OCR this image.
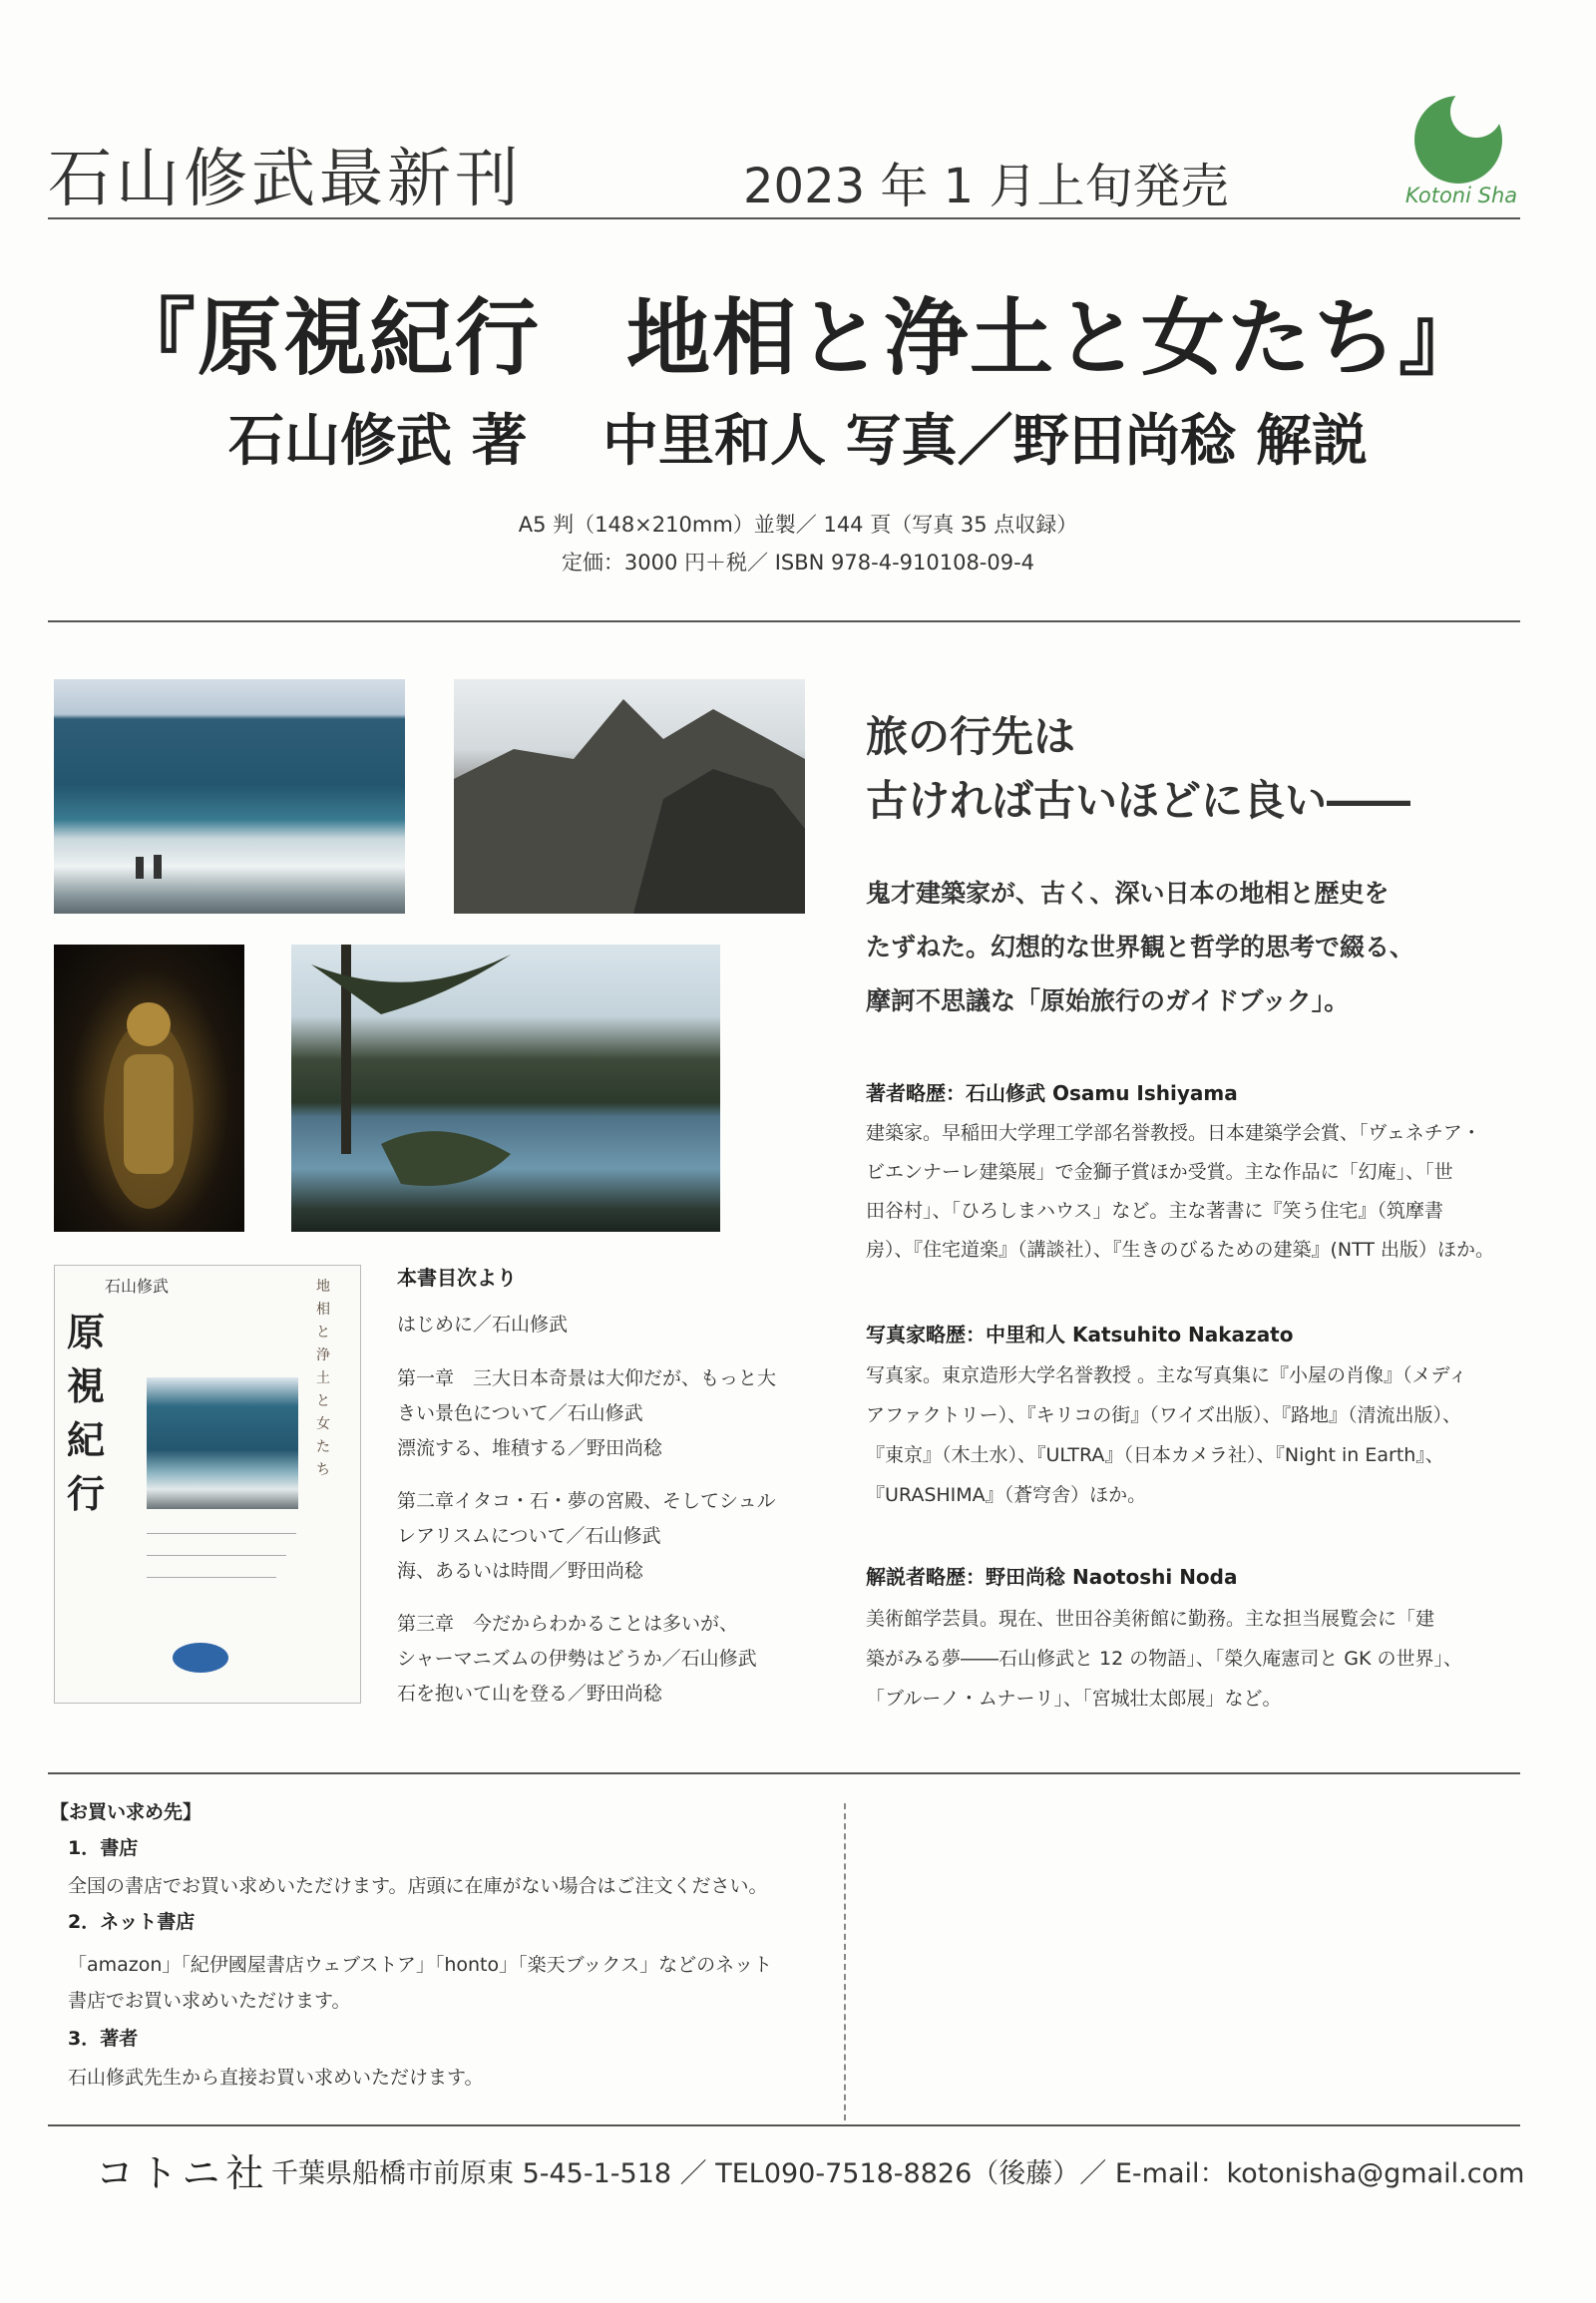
石山修武最新刊	2023 年 1 月上旬発売	Kotoni Sha
『原視紀行　地相と浄土と女たち』
石山修武 著　 中里和人 写真／野田尚稔 解説
A5 判（148×210mm）並製／ 144 頁（写真 35 点収録）
定価：3000 円＋税／ ISBN 978-4-910108-09-4
石山修武
原視紀行
地相と浄土と女たち
本書目次より
はじめに／石山修武
第一章　三大日本奇景は大仰だが、もっと大
きい景色について／石山修武
漂流する、堆積する／野田尚稔
第二章イタコ・石・夢の宮殿、そしてシュル
レアリスムについて／石山修武
海、あるいは時間／野田尚稔
第三章　今だからわかることは多いが、
シャーマニズムの伊勢はどうか／石山修武
石を抱いて山を登る／野田尚稔
旅の行先は
古ければ古いほどに良い――
鬼才建築家が、古く、深い日本の地相と歴史を
たずねた。幻想的な世界観と哲学的思考で綴る、
摩訶不思議な「原始旅行のガイドブック」。
著者略歴：石山修武 Osamu Ishiyama
建築家。早稲田大学理工学部名誉教授。日本建築学会賞、「ヴェネチア・
ビエンナーレ建築展」で金獅子賞ほか受賞。主な作品に「幻庵」、「世
田谷村」、「ひろしまハウス」など。主な著書に『笑う住宅』（筑摩書
房）、『住宅道楽』（講談社）、『生きのびるための建築』(NTT 出版）ほか。
写真家略歴：中里和人 Katsuhito Nakazato
写真家。東京造形大学名誉教授 。主な写真集に『小屋の肖像』（メディ
アファクトリー）、『キリコの街』（ワイズ出版）、『路地』（清流出版）、
『東京』（木土水）、『ULTRA』（日本カメラ社）、『Night in Earth』、
『URASHIMA』（蒼穹舎）ほか。
解説者略歴：野田尚稔 Naotoshi Noda
美術館学芸員。現在、世田谷美術館に勤務。主な担当展覧会に「建
築がみる夢――石山修武と 12 の物語」、「榮久庵憲司と GK の世界」、
「ブルーノ・ムナーリ」、「宮城壮太郎展」など。
【お買い求め先】
1．書店
全国の書店でお買い求めいただけます。店頭に在庫がない場合はご注文ください。
2．ネット書店
「amazon」「紀伊國屋書店ウェブストア」「honto」「楽天ブックス」などのネット
書店でお買い求めいただけます。
3．著者
石山修武先生から直接お買い求めいただけます。
コトニ社 千葉県船橋市前原東 5-45-1-518 ／ TEL090-7518-8826（後藤）／ E-mail：kotonisha@gmail.com
